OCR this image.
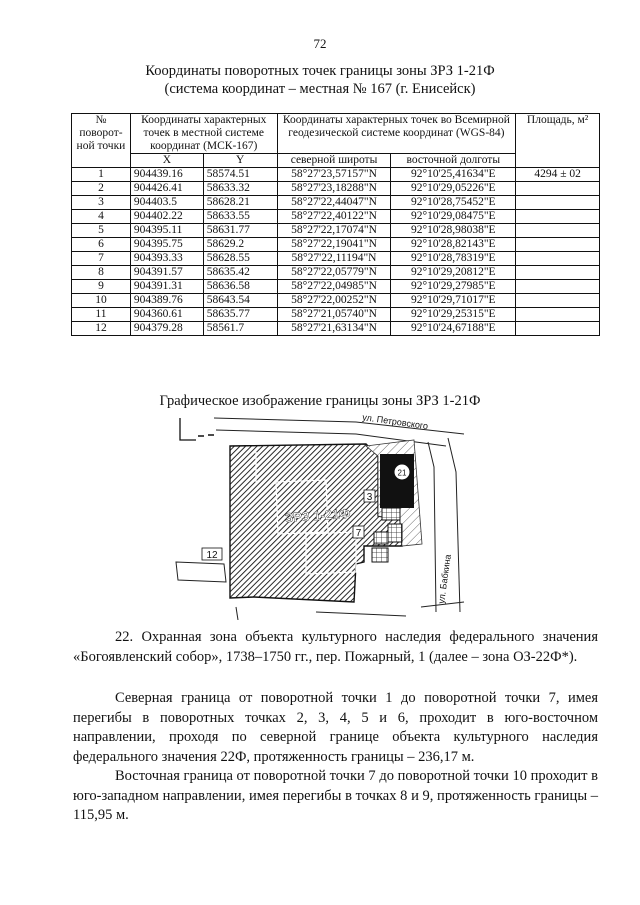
72
Координаты поворотных точек границы зоны ЗРЗ 1-21Ф
(система координат – местная № 167 (г. Енисейск)
№ поворот-ной точки	Координаты характерных точек в местной системе координат (МСК-167)		Координаты характерных точек во Всемирной геодезической системе координат (WGS-84)		Площадь, м²
	X	Y	северной широты	восточной долготы	
1	904439.16	58574.51	58°27'23,57157"N	92°10'25,41634"E	4294 ± 02
2	904426.41	58633.32	58°27'23,18288"N	92°10'29,05226"E	
3	904403.5	58628.21	58°27'22,44047"N	92°10'28,75452"E	
4	904402.22	58633.55	58°27'22,40122"N	92°10'29,08475"E	
5	904395.11	58631.77	58°27'22,17074"N	92°10'28,98038"E	
6	904395.75	58629.2	58°27'22,19041"N	92°10'28,82143"E	
7	904393.33	58628.55	58°27'22,11194"N	92°10'28,78319"E	
8	904391.57	58635.42	58°27'22,05779"N	92°10'29,20812"E	
9	904391.31	58636.58	58°27'22,04985"N	92°10'29,27985"E	
10	904389.76	58643.54	58°27'22,00252"N	92°10'29,71017"E	
11	904360.61	58635.77	58°27'21,05740"N	92°10'29,25315"E	
12	904379.28	58561.7	58°27'21,63134"N	92°10'24,67188"E	
Графическое изображение границы зоны ЗРЗ 1-21Ф
21
ЗРЗ 1-21Ф
ул. Петровского
ул. Бабкина
3
7
12

22. Охранная зона объекта культурного наследия федерального значения «Богоявленский собор», 1738–1750 гг., пер. Пожарный, 1 (далее – зона ОЗ-22Ф*).

Северная граница от поворотной точки 1 до поворотной точки 7, имея перегибы в поворотных точках 2, 3, 4, 5 и 6, проходит в юго-восточном направлении, проходя по северной границе объекта культурного наследия федерального значения 22Ф, протяженность границы – 236,17 м.

Восточная граница от поворотной точки 7 до поворотной точки 10 проходит в юго-западном направлении, имея перегибы в точках 8 и 9, протяженность границы – 115,95 м.
